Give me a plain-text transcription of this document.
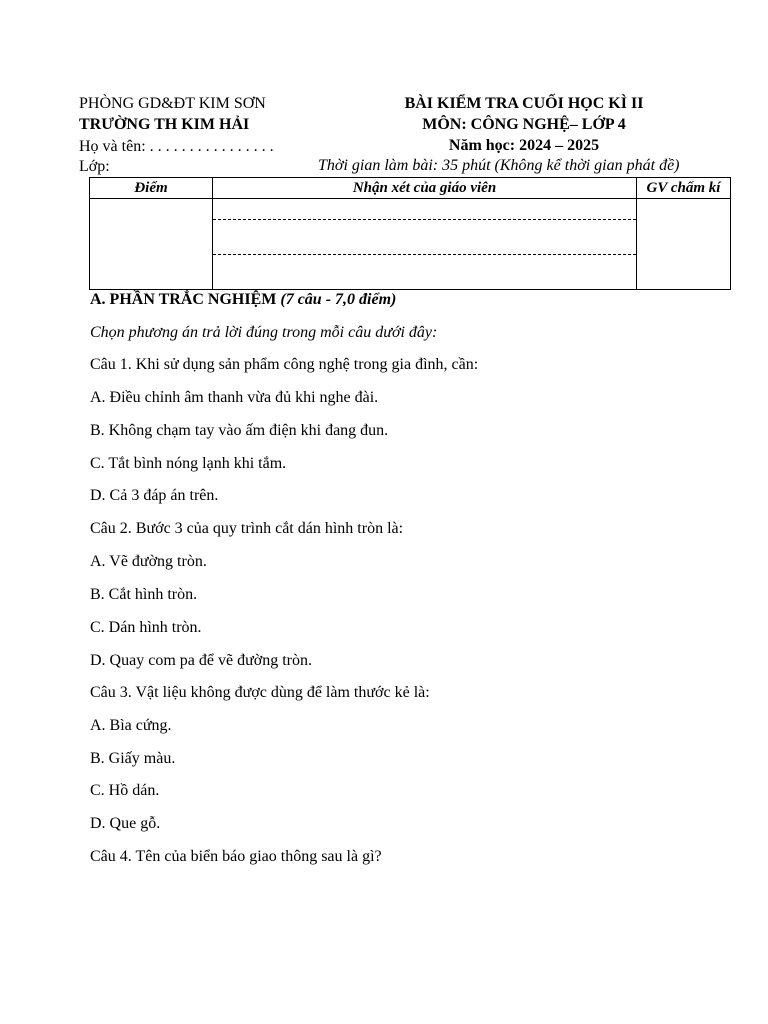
PHÒNG GD&ĐT KIM SƠN
TRƯỜNG TH KIM HẢI
Họ và tên: . . . . . . . . . . . . . . . .
Lớp:
BÀI KIỂM TRA CUỐI HỌC KÌ II
MÔN: CÔNG NGHỆ– LỚP 4
Năm học: 2024 – 2025
Thời gian làm bài: 35 phút (Không kể thời gian phát đề)
Điểm	Nhận xét của giáo viên	GV chấm kí

A. PHẦN TRẮC NGHIỆM (7 câu - 7,0 điểm)
Chọn phương án trả lời đúng trong mỗi câu dưới đây:
Câu 1. Khi sử dụng sản phẩm công nghệ trong gia đình, cần:
A. Điều chỉnh âm thanh vừa đủ khi nghe đài.
B. Không chạm tay vào ấm điện khi đang đun.
C. Tắt bình nóng lạnh khi tắm.
D. Cả 3 đáp án trên.
Câu 2. Bước 3 của quy trình cắt dán hình tròn là:
A. Vẽ đường tròn.
B. Cắt hình tròn.
C. Dán hình tròn.
D. Quay com pa để vẽ đường tròn.
Câu 3. Vật liệu không được dùng để làm thước kẻ là:
A. Bìa cứng.
B. Giấy màu.
C. Hồ dán.
D. Que gỗ.
Câu 4. Tên của biển báo giao thông sau là gì?
